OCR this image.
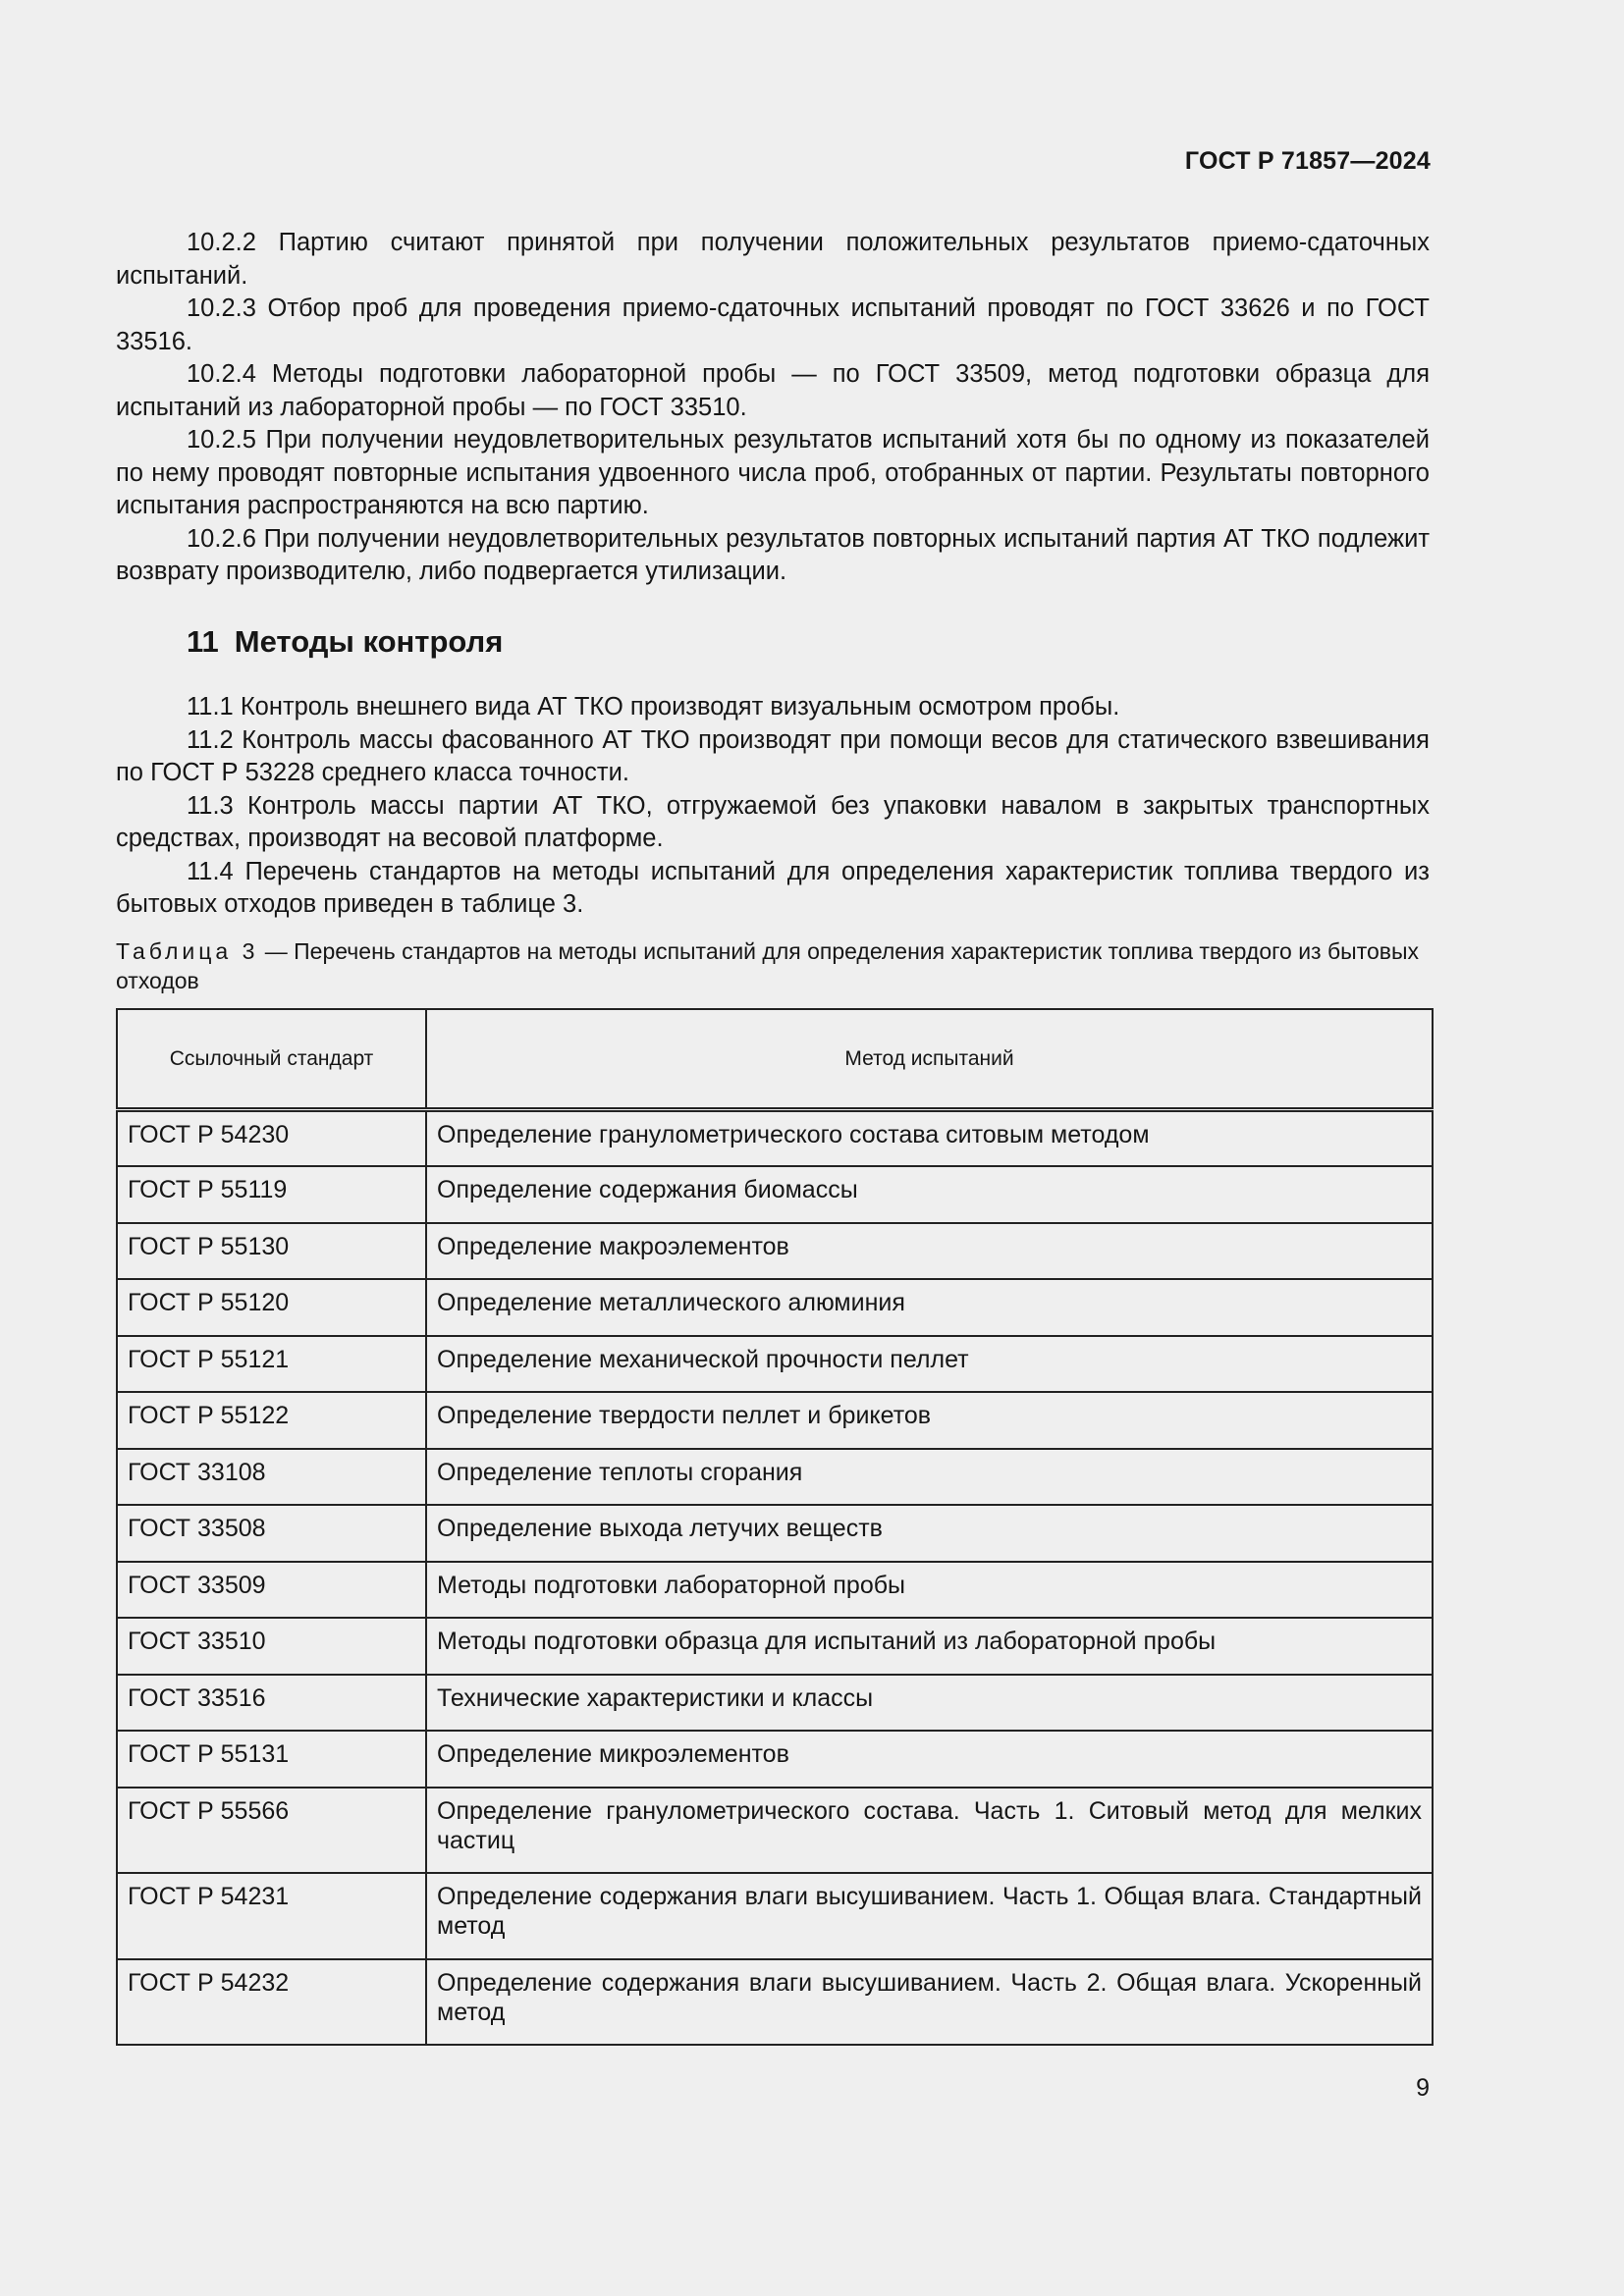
ГОСТ Р 71857—2024

10.2.2 Партию считают принятой при получении положительных результатов приемо-сдаточных испытаний.

10.2.3 Отбор проб для проведения приемо-сдаточных испытаний проводят по ГОСТ 33626 и по ГОСТ 33516.

10.2.4 Методы подготовки лабораторной пробы — по ГОСТ 33509, метод подготовки образца для испытаний из лабораторной пробы — по ГОСТ 33510.

10.2.5 При получении неудовлетворительных результатов испытаний хотя бы по одному из показателей по нему проводят повторные испытания удвоенного числа проб, отобранных от партии. Результаты повторного испытания распространяются на всю партию.

10.2.6 При получении неудовлетворительных результатов повторных испытаний партия АТ ТКО подлежит возврату производителю, либо подвергается утилизации.

11 Методы контроля

11.1 Контроль внешнего вида АТ ТКО производят визуальным осмотром пробы.

11.2 Контроль массы фасованного АТ ТКО производят при помощи весов для статического взвешивания по ГОСТ Р 53228 среднего класса точности.

11.3 Контроль массы партии АТ ТКО, отгружаемой без упаковки навалом в закрытых транспортных средствах, производят на весовой платформе.

11.4 Перечень стандартов на методы испытаний для определения характеристик топлива твердого из бытовых отходов приведен в таблице 3.

Таблица 3 — Перечень стандартов на методы испытаний для определения характеристик топлива твердого из бытовых отходов
Ссылочный стандарт	Метод испытаний
ГОСТ Р 54230	Определение гранулометрического состава ситовым методом
ГОСТ Р 55119	Определение содержания биомассы
ГОСТ Р 55130	Определение макроэлементов
ГОСТ Р 55120	Определение металлического алюминия
ГОСТ Р 55121	Определение механической прочности пеллет
ГОСТ Р 55122	Определение твердости пеллет и брикетов
ГОСТ 33108	Определение теплоты сгорания
ГОСТ 33508	Определение выхода летучих веществ
ГОСТ 33509	Методы подготовки лабораторной пробы
ГОСТ 33510	Методы подготовки образца для испытаний из лабораторной пробы
ГОСТ 33516	Технические характеристики и классы
ГОСТ Р 55131	Определение микроэлементов
ГОСТ Р 55566	Определение гранулометрического состава. Часть 1. Ситовый метод для мелких частиц
ГОСТ Р 54231	Определение содержания влаги высушиванием. Часть 1. Общая влага. Стандартный метод
ГОСТ Р 54232	Определение содержания влаги высушиванием. Часть 2. Общая влага. Ускоренный метод
9
